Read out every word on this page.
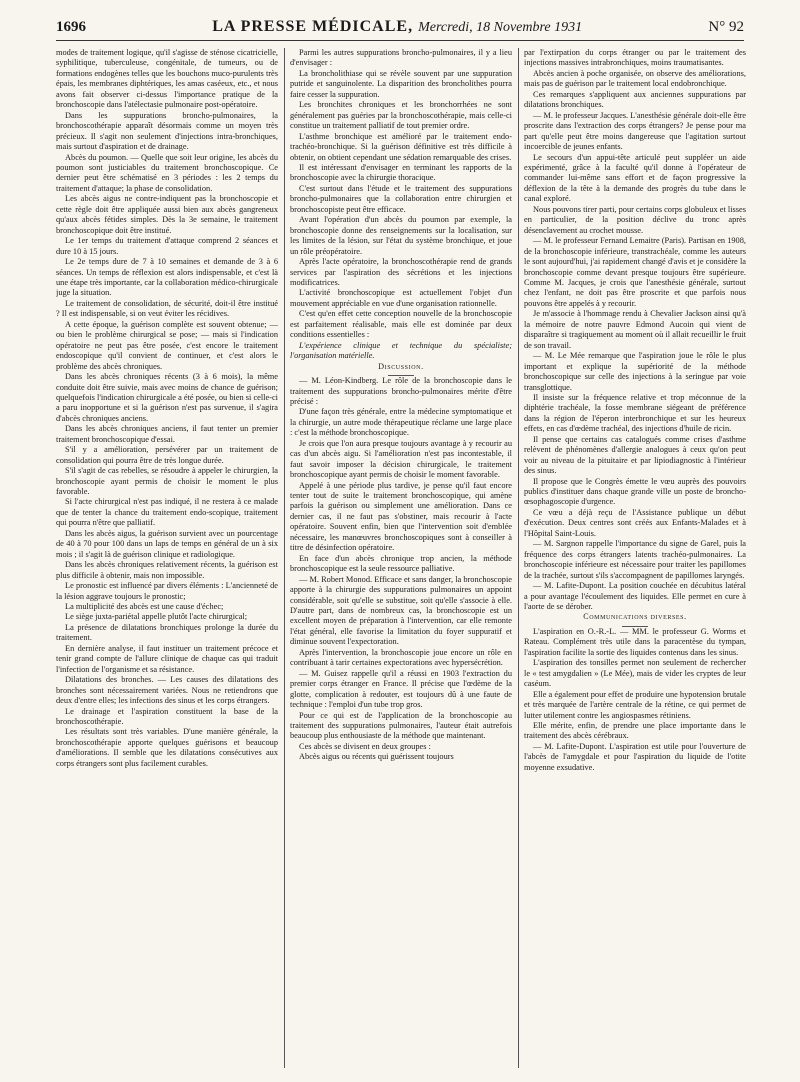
1696	LA PRESSE MÉDICALE, Mercredi, 18 Novembre 1931	N° 92

modes de traitement logique, qu'il s'agisse de sténose cicatricielle, syphilitique, tuberculeuse, congénitale, de tumeurs, ou de formations endogènes telles que les bouchons muco-purulents très épais, les membranes diphtériques, les amas caséeux, etc., et nous avons fait observer ci-dessus l'importance pratique de la bronchoscopie dans l'atélectasie pulmonaire post-opératoire.

Dans les suppurations broncho-pulmonaires, la bronchoscothérapie apparaît désormais comme un moyen très précieux. Il s'agit non seulement d'injections intra-bronchiques, mais surtout d'aspiration et de drainage.

Abcès du poumon. — Quelle que soit leur origine, les abcès du poumon sont justiciables du traitement bronchoscopique. Ce dernier peut être schématisé en 3 périodes : les 2 temps du traitement d'attaque; la phase de consolidation.

Les abcès aigus ne contre-indiquent pas la bronchoscopie et cette règle doit être appliquée aussi bien aux abcès gangreneux qu'aux abcès fétides simples. Dès la 3e semaine, le traitement bronchoscopique doit être institué.

Le 1er temps du traitement d'attaque comprend 2 séances et dure 10 à 15 jours.

Le 2e temps dure de 7 à 10 semaines et demande de 3 à 6 séances. Un temps de réflexion est alors indispensable, et c'est là une étape très importante, car la collaboration médico-chirurgicale juge la situation.

Le traitement de consolidation, de sécurité, doit-il être institué ? Il est indispensable, si on veut éviter les récidives.

A cette époque, la guérison complète est souvent obtenue; — ou bien le problème chirurgical se pose; — mais si l'indication opératoire ne peut pas être posée, c'est encore le traitement endoscopique qu'il convient de continuer, et c'est alors le problème des abcès chroniques.

Dans les abcès chroniques récents (3 à 6 mois), la même conduite doit être suivie, mais avec moins de chance de guérison; quelquefois l'indication chirurgicale a été posée, ou bien si celle-ci a paru inopportune et si la guérison n'est pas survenue, il s'agira d'abcès chroniques anciens.

Dans les abcès chroniques anciens, il faut tenter un premier traitement bronchoscopique d'essai.

S'il y a amélioration, persévérer par un traitement de consolidation qui pourra être de très longue durée.

S'il s'agit de cas rebelles, se résoudre à appeler le chirurgien, la bronchoscopie ayant permis de choisir le moment le plus favorable.

Si l'acte chirurgical n'est pas indiqué, il ne restera à ce malade que de tenter la chance du traitement endo-scopique, traitement qui pourra n'être que palliatif.

Dans les abcès aigus, la guérison survient avec un pourcentage de 40 à 70 pour 100 dans un laps de temps en général de un à six mois ; il s'agit là de guérison clinique et radiologique.

Dans les abcès chroniques relativement récents, la guérison est plus difficile à obtenir, mais non impossible.

Le pronostic est influencé par divers éléments : L'ancienneté de la lésion aggrave toujours le pronostic;

La multiplicité des abcès est une cause d'échec;

Le siège juxta-pariétal appelle plutôt l'acte chirurgical;

La présence de dilatations bronchiques prolonge la durée du traitement.

En dernière analyse, il faut instituer un traitement précoce et tenir grand compte de l'allure clinique de chaque cas qui traduit l'infection de l'organisme et sa résistance.

Dilatations des bronches. — Les causes des dilatations des bronches sont nécessairement variées. Nous ne retiendrons que deux d'entre elles; les infections des sinus et les corps étrangers.

Le drainage et l'aspiration constituent la base de la bronchoscothérapie.

Les résultats sont très variables. D'une manière générale, la bronchoscothérapie apporte quelques guérisons et beaucoup d'améliorations. Il semble que les dilatations consécutives aux corps étrangers sont plus facilement curables.

Parmi les autres suppurations broncho-pulmonaires, il y a lieu d'envisager :

La broncholithiase qui se révèle souvent par une suppuration putride et sanguinolente. La disparition des broncholithes pourra faire cesser la suppuration.

Les bronchites chroniques et les bronchorrhées ne sont généralement pas guéries par la bronchoscothérapie, mais celle-ci constitue un traitement palliatif de tout premier ordre.

L'asthme bronchique est amélioré par le traitement endo-trachéo-bronchique. Si la guérison définitive est très difficile à obtenir, on obtient cependant une sédation remarquable des crises.

Il est intéressant d'envisager en terminant les rapports de la bronchoscopie avec la chirurgie thoracique.

C'est surtout dans l'étude et le traitement des suppurations broncho-pulmonaires que la collaboration entre chirurgien et bronchoscopiste peut être efficace.

Avant l'opération d'un abcès du poumon par exemple, la bronchoscopie donne des renseignements sur la localisation, sur les limites de la lésion, sur l'état du système bronchique, et joue un rôle préopératoire.

Après l'acte opératoire, la bronchoscothérapie rend de grands services par l'aspiration des sécrétions et les injections modificatrices.

L'activité bronchoscopique est actuellement l'objet d'un mouvement appréciable en vue d'une organisation rationnelle.

C'est qu'en effet cette conception nouvelle de la bronchoscopie est parfaitement réalisable, mais elle est dominée par deux conditions essentielles :

L'expérience clinique et technique du spécialiste; l'organisation matérielle.

Discussion.

— M. Léon-Kindberg. Le rôle de la bronchoscopie dans le traitement des suppurations broncho-pulmonaires mérite d'être précisé :

D'une façon très générale, entre la médecine symptomatique et la chirurgie, un autre mode thérapeutique réclame une large place : c'est la méthode bronchoscopique.

Je crois que l'on aura presque toujours avantage à y recourir au cas d'un abcès aigu. Si l'amélioration n'est pas incontestable, il faut savoir imposer la décision chirurgicale, le traitement bronchoscopique ayant permis de choisir le moment favorable.

Appelé à une période plus tardive, je pense qu'il faut encore tenter tout de suite le traitement bronchoscopique, qui amène parfois la guérison ou simplement une amélioration. Dans ce dernier cas, il ne faut pas s'obstiner, mais recourir à l'acte opératoire. Souvent enfin, bien que l'intervention soit d'emblée nécessaire, les manœuvres bronchoscopiques sont à conseiller à titre de désinfection opératoire.

En face d'un abcès chronique trop ancien, la méthode bronchoscopique est la seule ressource palliative.

— M. Robert Monod. Efficace et sans danger, la bronchoscopie apporte à la chirurgie des suppurations pulmonaires un appoint considérable, soit qu'elle se substitue, soit qu'elle s'associe à elle. D'autre part, dans de nombreux cas, la bronchoscopie est un excellent moyen de préparation à l'intervention, car elle remonte l'état général, elle favorise la limitation du foyer suppuratif et diminue souvent l'expectoration.

Après l'intervention, la bronchoscopie joue encore un rôle en contribuant à tarir certaines expectorations avec hypersécrétion.

— M. Guisez rappelle qu'il a réussi en 1903 l'extraction du premier corps étranger en France. Il précise que l'œdème de la glotte, complication à redouter, est toujours dû à une faute de technique : l'emploi d'un tube trop gros.

Pour ce qui est de l'application de la bronchoscopie au traitement des suppurations pulmonaires, l'auteur était autrefois beaucoup plus enthousiaste de la méthode que maintenant.

Ces abcès se divisent en deux groupes :

Abcès aigus ou récents qui guérissent toujours

par l'extirpation du corps étranger ou par le traitement des injections massives intrabronchiques, moins traumatisantes.

Abcès ancien à poche organisée, on observe des améliorations, mais pas de guérison par le traitement local endobronchique.

Ces remarques s'appliquent aux anciennes suppurations par dilatations bronchiques.

— M. le professeur Jacques. L'anesthésie générale doit-elle être proscrite dans l'extraction des corps étrangers? Je pense pour ma part qu'elle peut être moins dangereuse que l'agitation surtout incoercible de jeunes enfants.

Le secours d'un appui-tête articulé peut suppléer un aide expérimenté, grâce à la faculté qu'il donne à l'opérateur de commander lui-même sans effort et de façon progressive la déflexion de la tête à la demande des progrès du tube dans le canal exploré.

Nous pouvons tirer parti, pour certains corps globuleux et lisses en particulier, de la position déclive du tronc après désenclavement au crochet mousse.

— M. le professeur Fernand Lemaitre (Paris). Partisan en 1908, de la bronchoscopie inférieure, transtrachéale, comme les auteurs le sont aujourd'hui, j'ai rapidement changé d'avis et je considère la bronchoscopie comme devant presque toujours être supérieure. Comme M. Jacques, je crois que l'anesthésie générale, surtout chez l'enfant, ne doit pas être proscrite et que parfois nous pouvons être appelés à y recourir.

Je m'associe à l'hommage rendu à Chevalier Jackson ainsi qu'à la mémoire de notre pauvre Edmond Aucoin qui vient de disparaître si tragiquement au moment où il allait recueillir le fruit de son travail.

— M. Le Mée remarque que l'aspiration joue le rôle le plus important et explique la supériorité de la méthode bronchoscopique sur celle des injections à la seringue par voie transglottique.

Il insiste sur la fréquence relative et trop méconnue de la diphtérie trachéale, la fosse membrane siégeant de préférence dans la région de l'éperon interbronchique et sur les heureux effets, en cas d'œdème trachéal, des injections d'huile de ricin.

Il pense que certains cas catalogués comme crises d'asthme relèvent de phénomènes d'allergie analogues à ceux qu'on peut voir au niveau de la pituitaire et par lipiodiagnostic à l'intérieur des sinus.

Il propose que le Congrès émette le vœu auprès des pouvoirs publics d'instituer dans chaque grande ville un poste de broncho-œsophagoscopie d'urgence.

Ce vœu a déjà reçu de l'Assistance publique un début d'exécution. Deux centres sont créés aux Enfants-Malades et à l'Hôpital Saint-Louis.

— M. Sargnon rappelle l'importance du signe de Garel, puis la fréquence des corps étrangers latents trachéo-pulmonaires. La bronchoscopie inférieure est nécessaire pour traiter les papillomes de la trachée, surtout s'ils s'accompagnent de papillomes laryngés.

— M. Lafite-Dupont. La position couchée en décubitus latéral a pour avantage l'écoulement des liquides. Elle permet en cure à l'aorte de se dérober.

Communications diverses.

L'aspiration en O.-R.-L. — MM. le professeur G. Worms et Rateau. Complément très utile dans la paracentèse du tympan, l'aspiration facilite la sortie des liquides contenus dans les sinus.

L'aspiration des tonsilles permet non seulement de rechercher le « test amygdalien » (Le Mée), mais de vider les cryptes de leur caséum.

Elle a également pour effet de produire une hypotension brutale et très marquée de l'artère centrale de la rétine, ce qui permet de lutter utilement contre les angiospasmes rétiniens.

Elle mérite, enfin, de prendre une place importante dans le traitement des abcès cérébraux.

— M. Lafite-Dupont. L'aspiration est utile pour l'ouverture de l'abcès de l'amygdale et pour l'aspiration du liquide de l'otite moyenne exsudative.
